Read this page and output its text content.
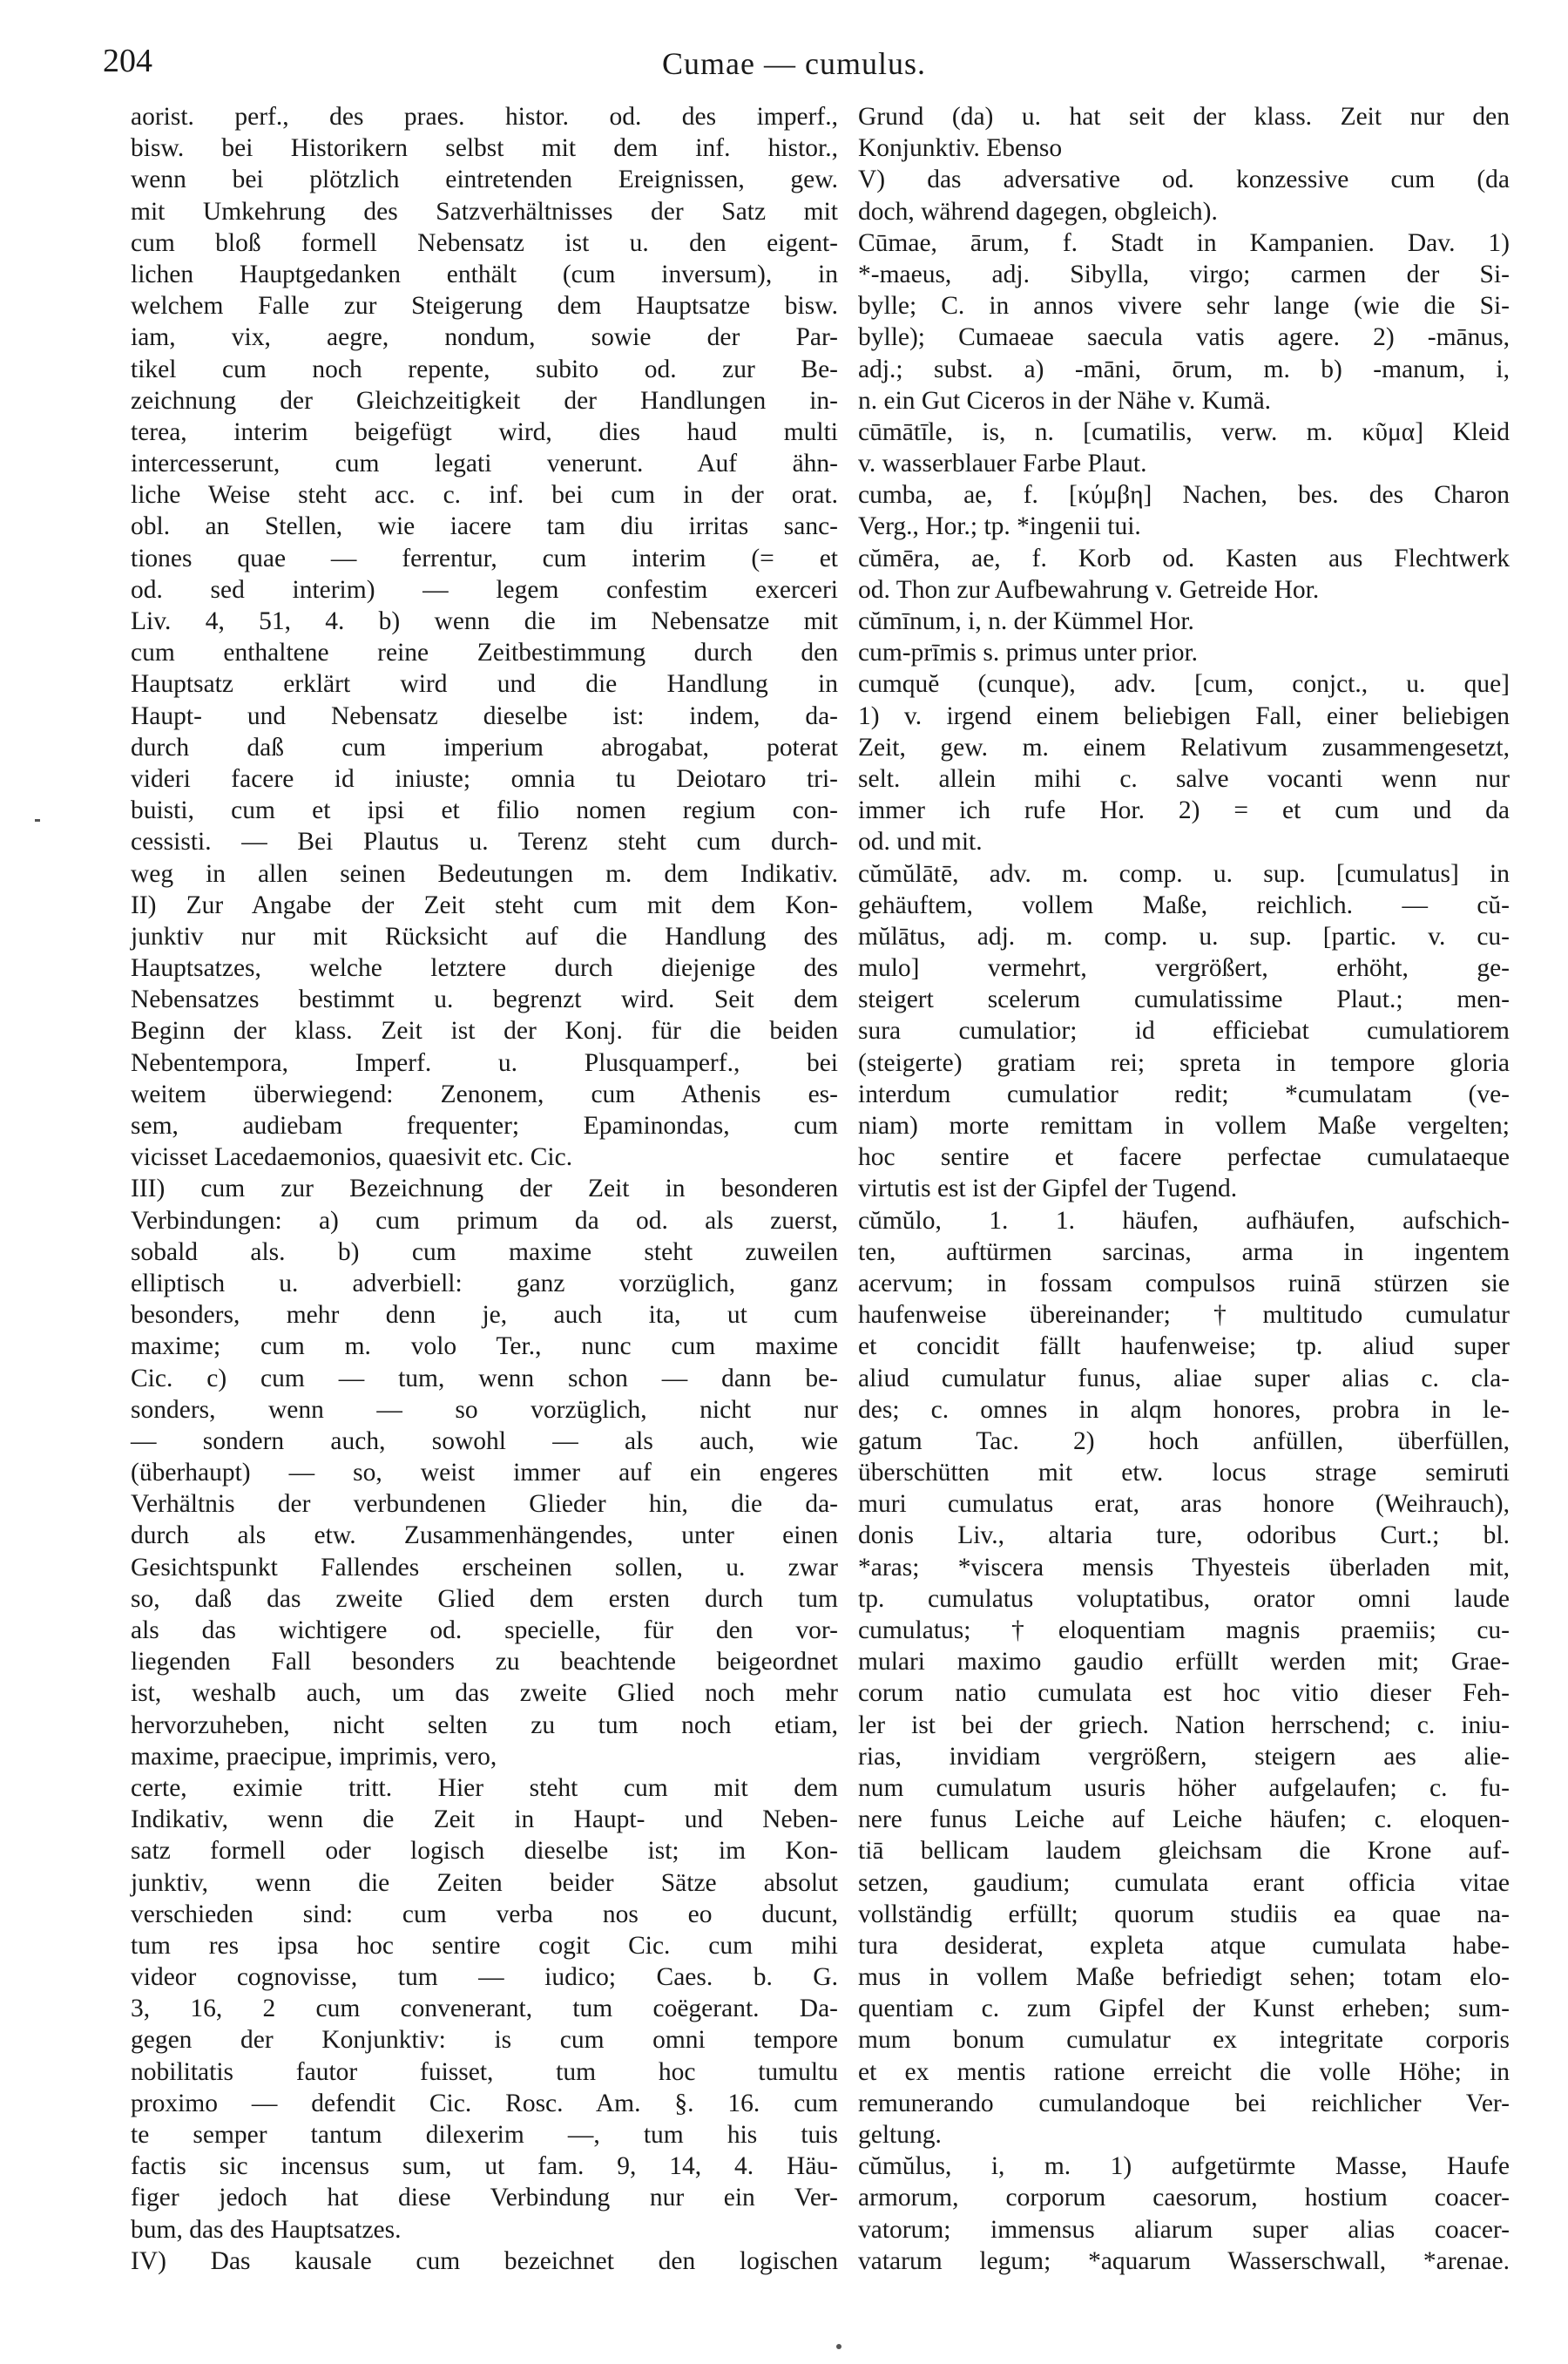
204	Cumae — cumulus.
aorist. perf., des praes. histor. od. des imperf.,
bisw. bei Historikern selbst mit dem inf. histor.,
wenn bei plötzlich eintretenden Ereignissen, gew.
mit Umkehrung des Satzverhältnisses der Satz mit
cum bloß formell Nebensatz ist u. den eigent-
lichen Hauptgedanken enthält (cum inversum), in
welchem Falle zur Steigerung dem Hauptsatze bisw.
iam, vix, aegre, nondum, sowie der Par-
tikel cum noch repente, subito od. zur Be-
zeichnung der Gleichzeitigkeit der Handlungen in-
terea, interim beigefügt wird, dies haud multi
intercesserunt, cum legati venerunt. Auf ähn-
liche Weise steht acc. c. inf. bei cum in der orat.
obl. an Stellen, wie iacere tam diu irritas sanc-
tiones quae — ferrentur, cum interim (= et
od. sed interim) — legem confestim exerceri
Liv. 4, 51, 4. b) wenn die im Nebensatze mit
cum enthaltene reine Zeitbestimmung durch den
Hauptsatz erklärt wird und die Handlung in
Haupt- und Nebensatz dieselbe ist: indem, da-
durch daß cum imperium abrogabat, poterat
videri facere id iniuste; omnia tu Deiotaro tri-
buisti, cum et ipsi et filio nomen regium con-
cessisti. — Bei Plautus u. Terenz steht cum durch-
weg in allen seinen Bedeutungen m. dem Indikativ.
II) Zur Angabe der Zeit steht cum mit dem Kon-
junktiv nur mit Rücksicht auf die Handlung des
Hauptsatzes, welche letztere durch diejenige des
Nebensatzes bestimmt u. begrenzt wird. Seit dem
Beginn der klass. Zeit ist der Konj. für die beiden
Nebentempora, Imperf. u. Plusquamperf., bei
weitem überwiegend: Zenonem, cum Athenis es-
sem, audiebam frequenter; Epaminondas, cum
vicisset Lacedaemonios, quaesivit etc. Cic.
III) cum zur Bezeichnung der Zeit in besonderen
Verbindungen: a) cum primum da od. als zuerst,
sobald als. b) cum maxime steht zuweilen
elliptisch u. adverbiell: ganz vorzüglich, ganz
besonders, mehr denn je, auch ita, ut cum
maxime; cum m. volo Ter., nunc cum maxime
Cic. c) cum — tum, wenn schon — dann be-
sonders, wenn — so vorzüglich, nicht nur
— sondern auch, sowohl — als auch, wie
(überhaupt) — so, weist immer auf ein engeres
Verhältnis der verbundenen Glieder hin, die da-
durch als etw. Zusammenhängendes, unter einen
Gesichtspunkt Fallendes erscheinen sollen, u. zwar
so, daß das zweite Glied dem ersten durch tum
als das wichtigere od. specielle, für den vor-
liegenden Fall besonders zu beachtende beigeordnet
ist, weshalb auch, um das zweite Glied noch mehr
hervorzuheben, nicht selten zu tum noch etiam,
maxime, praecipue, imprimis, vero,
certe, eximie tritt. Hier steht cum mit dem
Indikativ, wenn die Zeit in Haupt- und Neben-
satz formell oder logisch dieselbe ist; im Kon-
junktiv, wenn die Zeiten beider Sätze absolut
verschieden sind: cum verba nos eo ducunt,
tum res ipsa hoc sentire cogit Cic. cum mihi
videor cognovisse, tum — iudico; Caes. b. G.
3, 16, 2 cum convenerant, tum coëgerant. Da-
gegen der Konjunktiv: is cum omni tempore
nobilitatis fautor fuisset, tum hoc tumultu
proximo — defendit Cic. Rosc. Am. §. 16. cum
te semper tantum dilexerim —, tum his tuis
factis sic incensus sum, ut fam. 9, 14, 4. Häu-
figer jedoch hat diese Verbindung nur ein Ver-
bum, das des Hauptsatzes.
IV) Das kausale cum bezeichnet den logischen
Grund (da) u. hat seit der klass. Zeit nur den
Konjunktiv. Ebenso
V) das adversative od. konzessive cum (da
doch, während dagegen, obgleich).
Cūmae, ārum, f. Stadt in Kampanien. Dav. 1)
*-maeus, adj. Sibylla, virgo; carmen der Si-
bylle; C. in annos vivere sehr lange (wie die Si-
bylle); Cumaeae saecula vatis agere. 2) -mānus,
adj.; subst. a) -māni, ōrum, m. b) -manum, i,
n. ein Gut Ciceros in der Nähe v. Kumä.
cūmātīle, is, n. [cumatilis, verw. m. κῦμα] Kleid
v. wasserblauer Farbe Plaut.
cumba, ae, f. [κύμβη] Nachen, bes. des Charon
Verg., Hor.; tp. *ingenii tui.
cŭmēra, ae, f. Korb od. Kasten aus Flechtwerk
od. Thon zur Aufbewahrung v. Getreide Hor.
cŭmīnum, i, n. der Kümmel Hor.
cum-prīmis s. primus unter prior.
cumquĕ (cunque), adv. [cum, conjct., u. que]
1) v. irgend einem beliebigen Fall, einer beliebigen
Zeit, gew. m. einem Relativum zusammengesetzt,
selt. allein mihi c. salve vocanti wenn nur
immer ich rufe Hor. 2) = et cum und da
od. und mit.
cŭmŭlātē, adv. m. comp. u. sup. [cumulatus] in
gehäuftem, vollem Maße, reichlich. — cŭ-
mŭlātus, adj. m. comp. u. sup. [partic. v. cu-
mulo] vermehrt, vergrößert, erhöht, ge-
steigert scelerum cumulatissime Plaut.; men-
sura cumulatior; id efficiebat cumulatiorem
(steigerte) gratiam rei; spreta in tempore gloria
interdum cumulatior redit; *cumulatam (ve-
niam) morte remittam in vollem Maße vergelten;
hoc sentire et facere perfectae cumulataeque
virtutis est ist der Gipfel der Tugend.
cŭmŭlo, 1. 1. häufen, aufhäufen, aufschich-
ten, auftürmen sarcinas, arma in ingentem
acervum; in fossam compulsos ruinā stürzen sie
haufenweise übereinander; †multitudo cumulatur
et concidit fällt haufenweise; tp. aliud super
aliud cumulatur funus, aliae super alias c. cla-
des; c. omnes in alqm honores, probra in le-
gatum Tac. 2) hoch anfüllen, überfüllen,
überschütten mit etw. locus strage semiruti
muri cumulatus erat, aras honore (Weihrauch),
donis Liv., altaria ture, odoribus Curt.; bl.
*aras; *viscera mensis Thyesteis überladen mit,
tp. cumulatus voluptatibus, orator omni laude
cumulatus; †eloquentiam magnis praemiis; cu-
mulari maximo gaudio erfüllt werden mit; Grae-
corum natio cumulata est hoc vitio dieser Feh-
ler ist bei der griech. Nation herrschend; c. iniu-
rias, invidiam vergrößern, steigern aes alie-
num cumulatum usuris höher aufgelaufen; c. fu-
nere funus Leiche auf Leiche häufen; c. eloquen-
tiā bellicam laudem gleichsam die Krone auf-
setzen, gaudium; cumulata erant officia vitae
vollständig erfüllt; quorum studiis ea quae na-
tura desiderat, expleta atque cumulata habe-
mus in vollem Maße befriedigt sehen; totam elo-
quentiam c. zum Gipfel der Kunst erheben; sum-
mum bonum cumulatur ex integritate corporis
et ex mentis ratione erreicht die volle Höhe; in
remunerando cumulandoque bei reichlicher Ver-
geltung.
cŭmŭlus, i, m. 1) aufgetürmte Masse, Haufe
armorum, corporum caesorum, hostium coacer-
vatorum; immensus aliarum super alias coacer-
vatarum legum; *aquarum Wasserschwall, *arenae.
